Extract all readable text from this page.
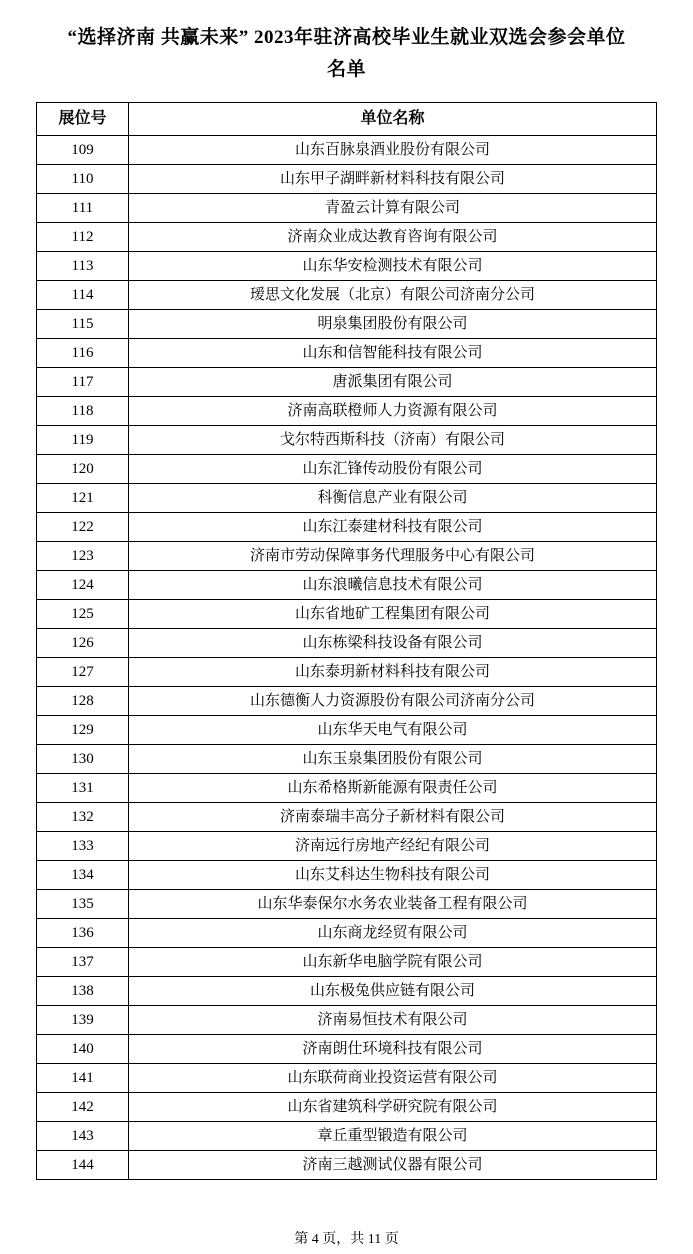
“选择济南 共赢未来” 2023年驻济高校毕业生就业双选会参会单位名单
展位号	单位名称
109	山东百脉泉酒业股份有限公司
110	山东甲子湖畔新材料科技有限公司
111	青盈云计算有限公司
112	济南众业成达教育咨询有限公司
113	山东华安检测技术有限公司
114	瑷思文化发展（北京）有限公司济南分公司
115	明泉集团股份有限公司
116	山东和信智能科技有限公司
117	唐派集团有限公司
118	济南高联橙师人力资源有限公司
119	戈尔特西斯科技（济南）有限公司
120	山东汇锋传动股份有限公司
121	科衡信息产业有限公司
122	山东江泰建材科技有限公司
123	济南市劳动保障事务代理服务中心有限公司
124	山东浪曦信息技术有限公司
125	山东省地矿工程集团有限公司
126	山东栋梁科技设备有限公司
127	山东泰玥新材料科技有限公司
128	山东德衡人力资源股份有限公司济南分公司
129	山东华天电气有限公司
130	山东玉泉集团股份有限公司
131	山东希格斯新能源有限责任公司
132	济南泰瑞丰高分子新材料有限公司
133	济南远行房地产经纪有限公司
134	山东艾科达生物科技有限公司
135	山东华泰保尔水务农业装备工程有限公司
136	山东商龙经贸有限公司
137	山东新华电脑学院有限公司
138	山东极兔供应链有限公司
139	济南易恒技术有限公司
140	济南朗仕环境科技有限公司
141	山东联荷商业投资运营有限公司
142	山东省建筑科学研究院有限公司
143	章丘重型锻造有限公司
144	济南三越测试仪器有限公司
第 4 页，共 11 页
